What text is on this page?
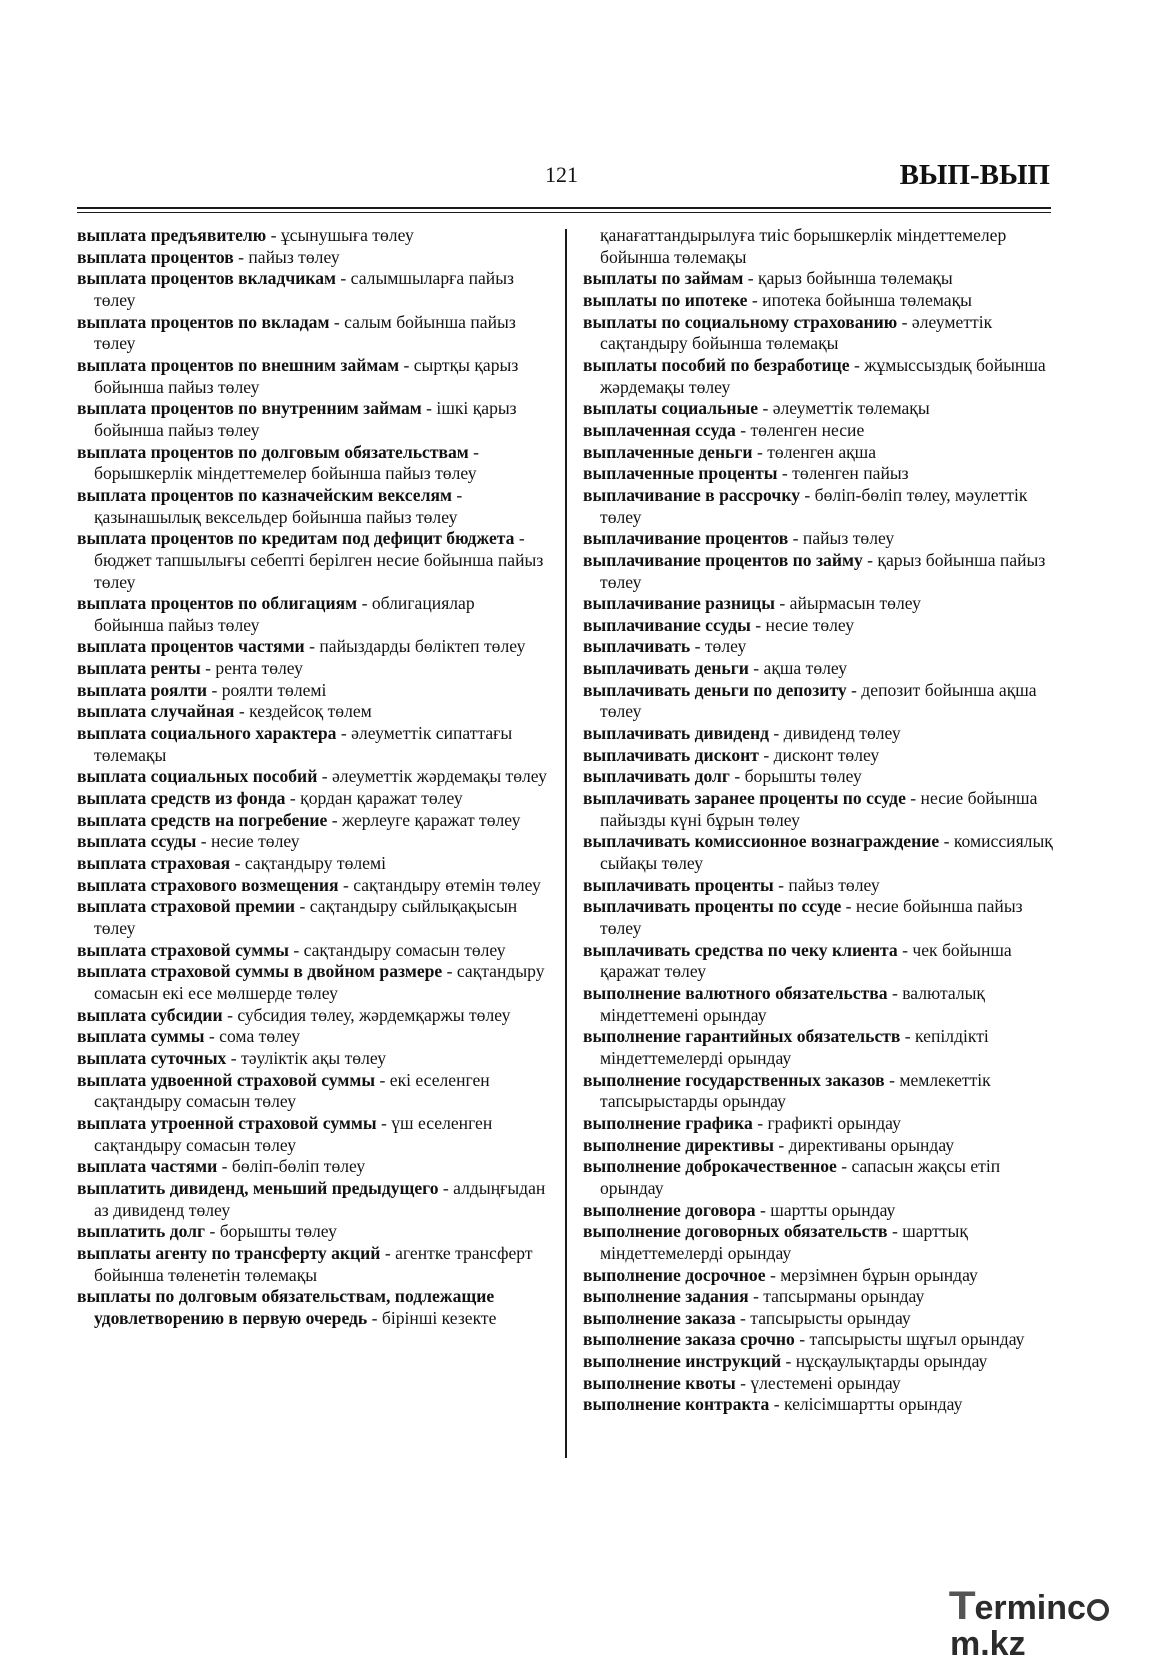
121	ВЫП-ВЫП

выплата предъявителю - ұсынушыға төлеу

выплата процентов - пайыз төлеу

выплата процентов вкладчикам - салымшыларға пайыз төлеу

выплата процентов по вкладам - салым бойынша пайыз төлеу

выплата процентов по внешним займам - сыртқы қарыз бойынша пайыз төлеу

выплата процентов по внутренним займам - ішкі қарыз бойынша пайыз төлеу

выплата процентов по долговым обязательствам - борышкерлік міндеттемелер бойынша пайыз төлеу

выплата процентов по казначейским векселям - қазынашылық вексельдер бойынша пайыз төлеу

выплата процентов по кредитам под дефицит бюджета - бюджет тапшылығы себепті берілген несие бойынша пайыз төлеу

выплата процентов по облигациям - облигациялар бойынша пайыз төлеу

выплата процентов частями - пайыздарды бөліктеп төлеу

выплата ренты - рента төлеу

выплата роялти - роялти төлемі

выплата случайная - кездейсоқ төлем

выплата социального характера - әлеуметтік сипаттағы төлемақы

выплата социальных пособий - әлеуметтік жәрдемақы төлеу

выплата средств из фонда - қордан қаражат төлеу

выплата средств на погребение - жерлеуге қаражат төлеу

выплата ссуды - несие төлеу

выплата страховая - сақтандыру төлемі

выплата страхового возмещения - сақтандыру өтемін төлеу

выплата страховой премии - сақтандыру сыйлықақысын төлеу

выплата страховой суммы - сақтандыру сомасын төлеу

выплата страховой суммы в двойном размере - сақтандыру сомасын екі есе мөлшерде төлеу

выплата субсидии - субсидия төлеу, жәрдемқаржы төлеу

выплата суммы - сома төлеу

выплата суточных - тәуліктік ақы төлеу

выплата удвоенной страховой суммы - екі еселенген сақтандыру сомасын төлеу

выплата утроенной страховой суммы - үш еселенген сақтандыру сомасын төлеу

выплата частями - бөліп-бөліп төлеу

выплатить дивиденд, меньший предыдущего - алдыңғыдан аз дивиденд төлеу

выплатить долг - борышты төлеу

выплаты агенту по трансферту акций - агентке трансферт бойынша төленетін төлемақы

выплаты по долговым обязательствам, подлежащие удовлетворению в первую очередь - бірінші кезекте

қанағаттандырылуға тиіс борышкерлік міндеттемелер бойынша төлемақы

выплаты по займам - қарыз бойынша төлемақы

выплаты по ипотеке - ипотека бойынша төлемақы

выплаты по социальному страхованию - әлеуметтік сақтандыру бойынша төлемақы

выплаты пособий по безработице - жұмыссыздық бойынша жәрдемақы төлеу

выплаты социальные - әлеуметтік төлемақы

выплаченная ссуда - төленген несие

выплаченные деньги - төленген ақша

выплаченные проценты - төленген пайыз

выплачивание в рассрочку - бөліп-бөліп төлеу, мәулеттік төлеу

выплачивание процентов - пайыз төлеу

выплачивание процентов по займу - қарыз бойынша пайыз төлеу

выплачивание разницы - айырмасын төлеу

выплачивание ссуды - несие төлеу

выплачивать - төлеу

выплачивать деньги - ақша төлеу

выплачивать деньги по депозиту - депозит бойынша ақша төлеу

выплачивать дивиденд - дивиденд төлеу

выплачивать дисконт - дисконт төлеу

выплачивать долг - борышты төлеу

выплачивать заранее проценты по ссуде - несие бойынша пайызды күні бұрын төлеу

выплачивать комиссионное вознаграждение - комиссиялық сыйақы төлеу

выплачивать проценты - пайыз төлеу

выплачивать проценты по ссуде - несие бойынша пайыз төлеу

выплачивать средства по чеку клиента - чек бойынша қаражат төлеу

выполнение валютного обязательства - валюталық міндеттемені орындау

выполнение гарантийных обязательств - кепілдікті міндеттемелерді орындау

выполнение государственных заказов - мемлекеттік тапсырыстарды орындау

выполнение графика - графикті орындау

выполнение директивы - директиваны орындау

выполнение доброкачественное - сапасын жақсы етіп орындау

выполнение договора - шартты орындау

выполнение договорных обязательств - шарттық міндеттемелерді орындау

выполнение досрочное - мерзімнен бұрын орындау

выполнение задания - тапсырманы орындау

выполнение заказа - тапсырысты орындау

выполнение заказа срочно - тапсырысты шұғыл орындау

выполнение инструкций - нұсқаулықтарды орындау

выполнение квоты - үлестемені орындау

выполнение контракта - келісімшартты орындау

Termincm.kz
